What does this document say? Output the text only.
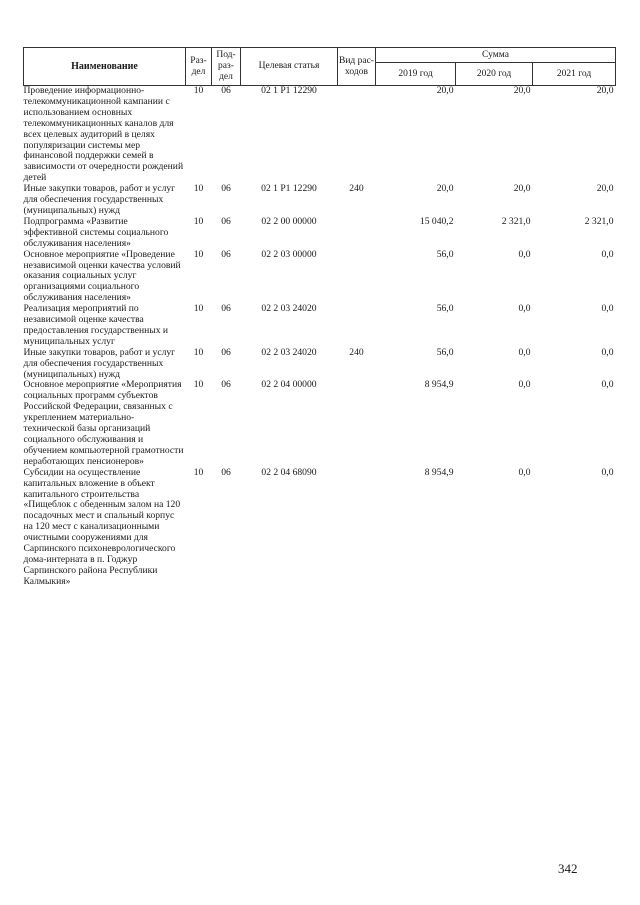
Наименование	Раз-дел	Под-раз-дел	Целевая статья	Вид рас-ходов	Сумма		
					2019 год	2020 год	2021 год
Проведение информационно-телекоммуникационной кампании с использованием основных телекоммуникационных каналов для всех целевых аудиторий в целях популяризации системы мер финансовой поддержки семей в зависимости от очередности рождений детей	10	06	02 1 P1 12290		20,0	20,0	20,0
Иные закупки товаров, работ и услуг для обеспечения государственных (муниципальных) нужд	10	06	02 1 P1 12290	240	20,0	20,0	20,0
Подпрограмма «Развитие эффективной системы социального обслуживания населения»	10	06	02 2 00 00000		15 040,2	2 321,0	2 321,0
Основное мероприятие «Проведение независимой оценки качества условий оказания социальных услуг организациями социального обслуживания населения»	10	06	02 2 03 00000		56,0	0,0	0,0
Реализация мероприятий по независимой оценке качества предоставления государственных и муниципальных услуг	10	06	02 2 03 24020		56,0	0,0	0,0
Иные закупки товаров, работ и услуг для обеспечения государственных (муниципальных) нужд	10	06	02 2 03 24020	240	56,0	0,0	0,0
Основное мероприятие «Мероприятия социальных программ субъектов Российской Федерации, связанных с укреплением материально-технической базы организаций социального обслуживания и обучением компьютерной грамотности неработающих пенсионеров»	10	06	02 2 04 00000		8 954,9	0,0	0,0
Субсидии на осуществление капитальных вложение в объект капитального строительства «Пищеблок с обеденным залом на 120 посадочных мест и спальный корпус на 120 мест с канализационными очистными сооружениями для Сарпинского психоневрологического дома-интерната в п. Годжур Сарпинского района Республики Калмыкия»	10	06	02 2 04 68090		8 954,9	0,0	0,0
342
